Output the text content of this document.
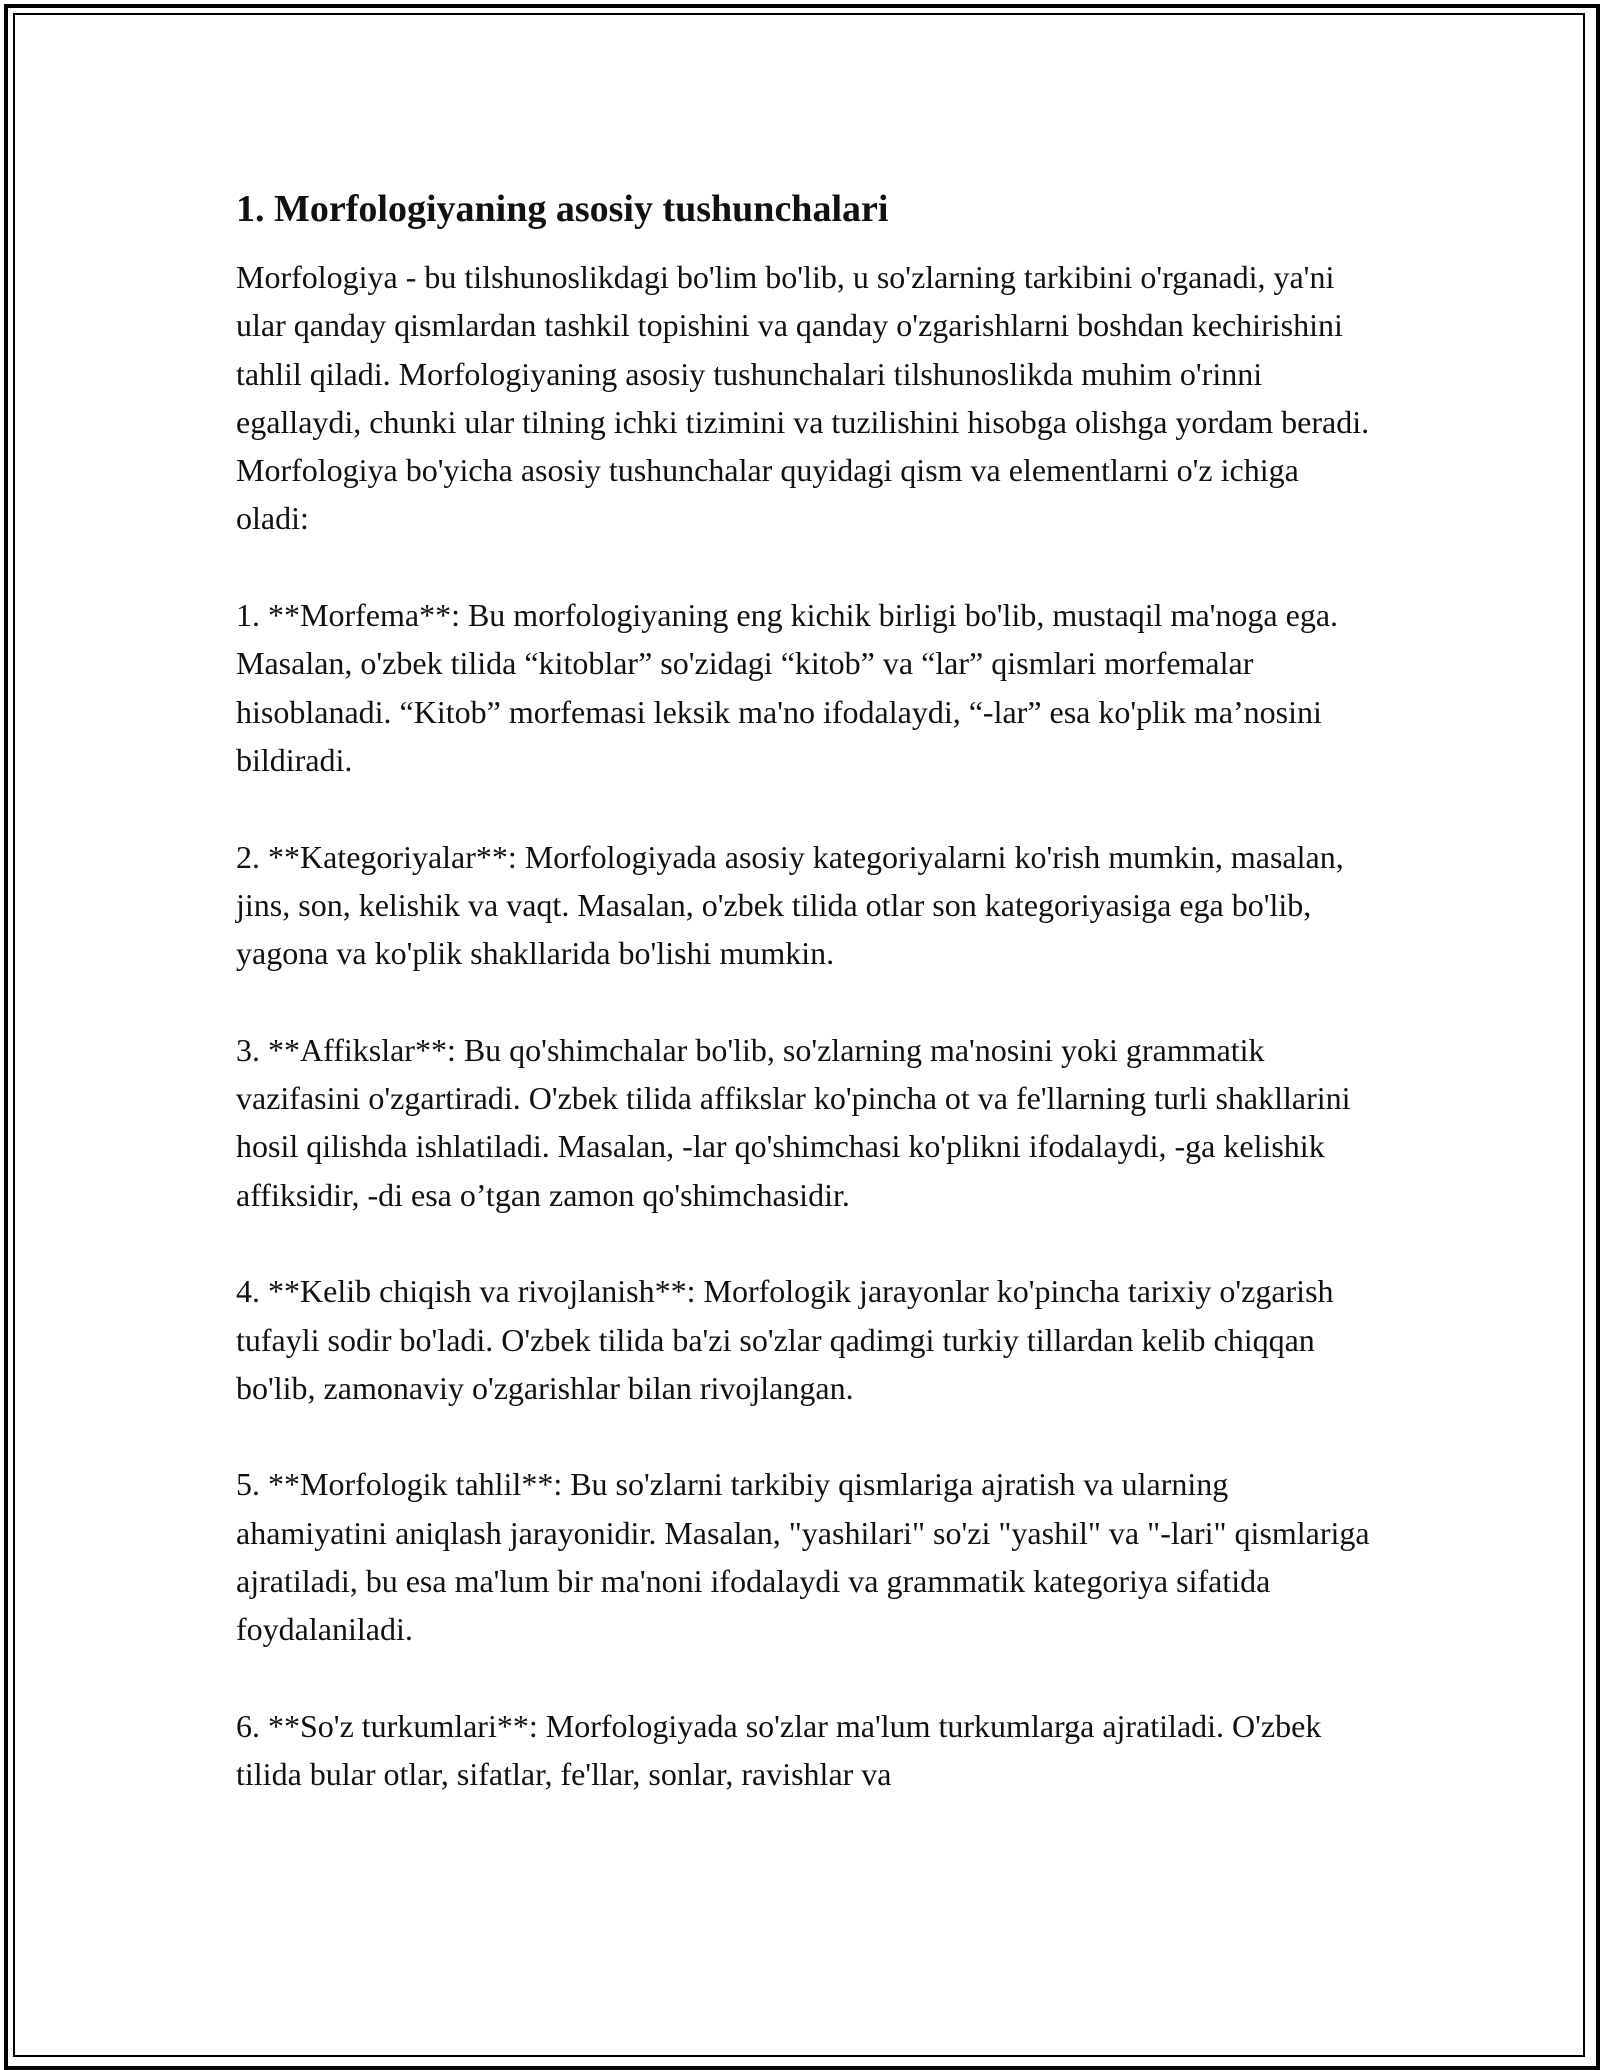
1. Morfologiyaning asosiy tushunchalari

Morfologiya - bu tilshunoslikdagi bo'lim bo'lib, u so'zlarning tarkibini o'rganadi, ya'ni ular qanday qismlardan tashkil topishini va qanday o'zgarishlarni boshdan kechirishini tahlil qiladi. Morfologiyaning asosiy tushunchalari tilshunoslikda muhim o'rinni egallaydi, chunki ular tilning ichki tizimini va tuzilishini hisobga olishga yordam beradi. Morfologiya bo'yicha asosiy tushunchalar quyidagi qism va elementlarni o'z ichiga oladi:

1. **Morfema**: Bu morfologiyaning eng kichik birligi bo'lib, mustaqil ma'noga ega. Masalan, o'zbek tilida “kitoblar” so'zidagi “kitob” va “lar” qismlari morfemalar hisoblanadi. “Kitob” morfemasi leksik ma'no ifodalaydi, “-lar” esa ko'plik ma’nosini bildiradi.

2. **Kategoriyalar**: Morfologiyada asosiy kategoriyalarni ko'rish mumkin, masalan, jins, son, kelishik va vaqt. Masalan, o'zbek tilida otlar son kategoriyasiga ega bo'lib, yagona va ko'plik shakllarida bo'lishi mumkin.

3. **Affikslar**: Bu qo'shimchalar bo'lib, so'zlarning ma'nosini yoki grammatik vazifasini o'zgartiradi. O'zbek tilida affikslar ko'pincha ot va fe'llarning turli shakllarini hosil qilishda ishlatiladi. Masalan, -lar qo'shimchasi ko'plikni ifodalaydi, -ga kelishik affiksidir, -di esa o’tgan zamon qo'shimchasidir.

4. **Kelib chiqish va rivojlanish**: Morfologik jarayonlar ko'pincha tarixiy o'zgarish tufayli sodir bo'ladi. O'zbek tilida ba'zi so'zlar qadimgi turkiy tillardan kelib chiqqan bo'lib, zamonaviy o'zgarishlar bilan rivojlangan.

5. **Morfologik tahlil**: Bu so'zlarni tarkibiy qismlariga ajratish va ularning ahamiyatini aniqlash jarayonidir. Masalan, "yashilari" so'zi "yashil" va "-lari" qismlariga ajratiladi, bu esa ma'lum bir ma'noni ifodalaydi va grammatik kategoriya sifatida foydalaniladi.

6. **So'z turkumlari**: Morfologiyada so'zlar ma'lum turkumlarga ajratiladi. O'zbek tilida bular otlar, sifatlar, fe'llar, sonlar, ravishlar va
